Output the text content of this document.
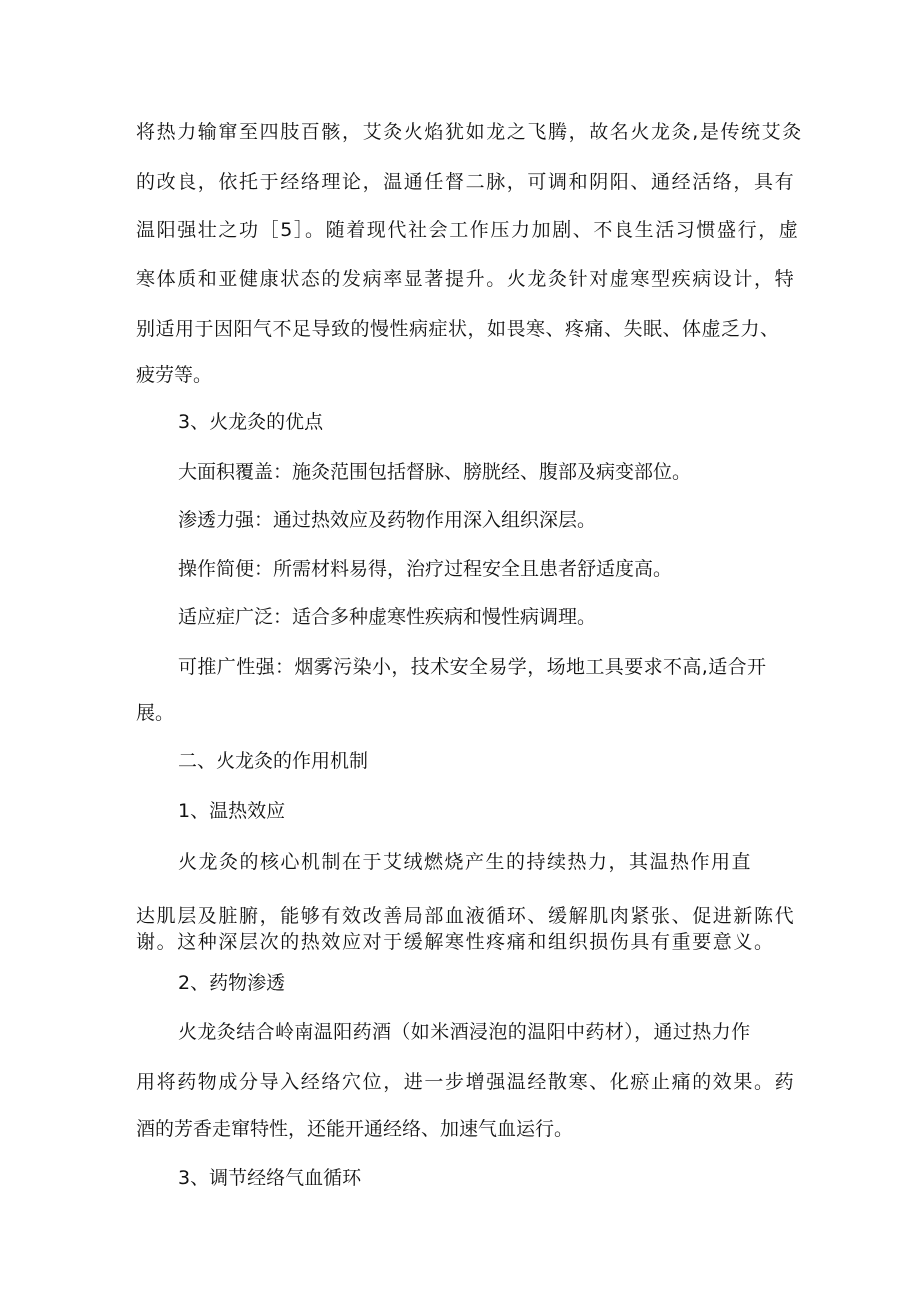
将热力输窜至四肢百骸，艾灸火焰犹如龙之飞腾，故名火龙灸,是传统艾灸

的改良，依托于经络理论，温通任督二脉，可调和阴阳、通经活络，具有

温阳强壮之功［5］。随着现代社会工作压力加剧、不良生活习惯盛行，虚

寒体质和亚健康状态的发病率显著提升。火龙灸针对虚寒型疾病设计，特

别适用于因阳气不足导致的慢性病症状，如畏寒、疼痛、失眠、体虚乏力、

疲劳等。

3、火龙灸的优点

大面积覆盖：施灸范围包括督脉、膀胱经、腹部及病变部位。

渗透力强：通过热效应及药物作用深入组织深层。

操作简便：所需材料易得，治疗过程安全且患者舒适度高。

适应症广泛：适合多种虚寒性疾病和慢性病调理。

可推广性强：烟雾污染小，技术安全易学，场地工具要求不高,适合开

展。

二、火龙灸的作用机制

1、温热效应

火龙灸的核心机制在于艾绒燃烧产生的持续热力，其温热作用直

达肌层及脏腑，能够有效改善局部血液循环、缓解肌肉紧张、促进新陈代

谢。这种深层次的热效应对于缓解寒性疼痛和组织损伤具有重要意义。

2、药物渗透

火龙灸结合岭南温阳药酒（如米酒浸泡的温阳中药材），通过热力作

用将药物成分导入经络穴位，进一步增强温经散寒、化瘀止痛的效果。药

酒的芳香走窜特性，还能开通经络、加速气血运行。

3、调节经络气血循环
